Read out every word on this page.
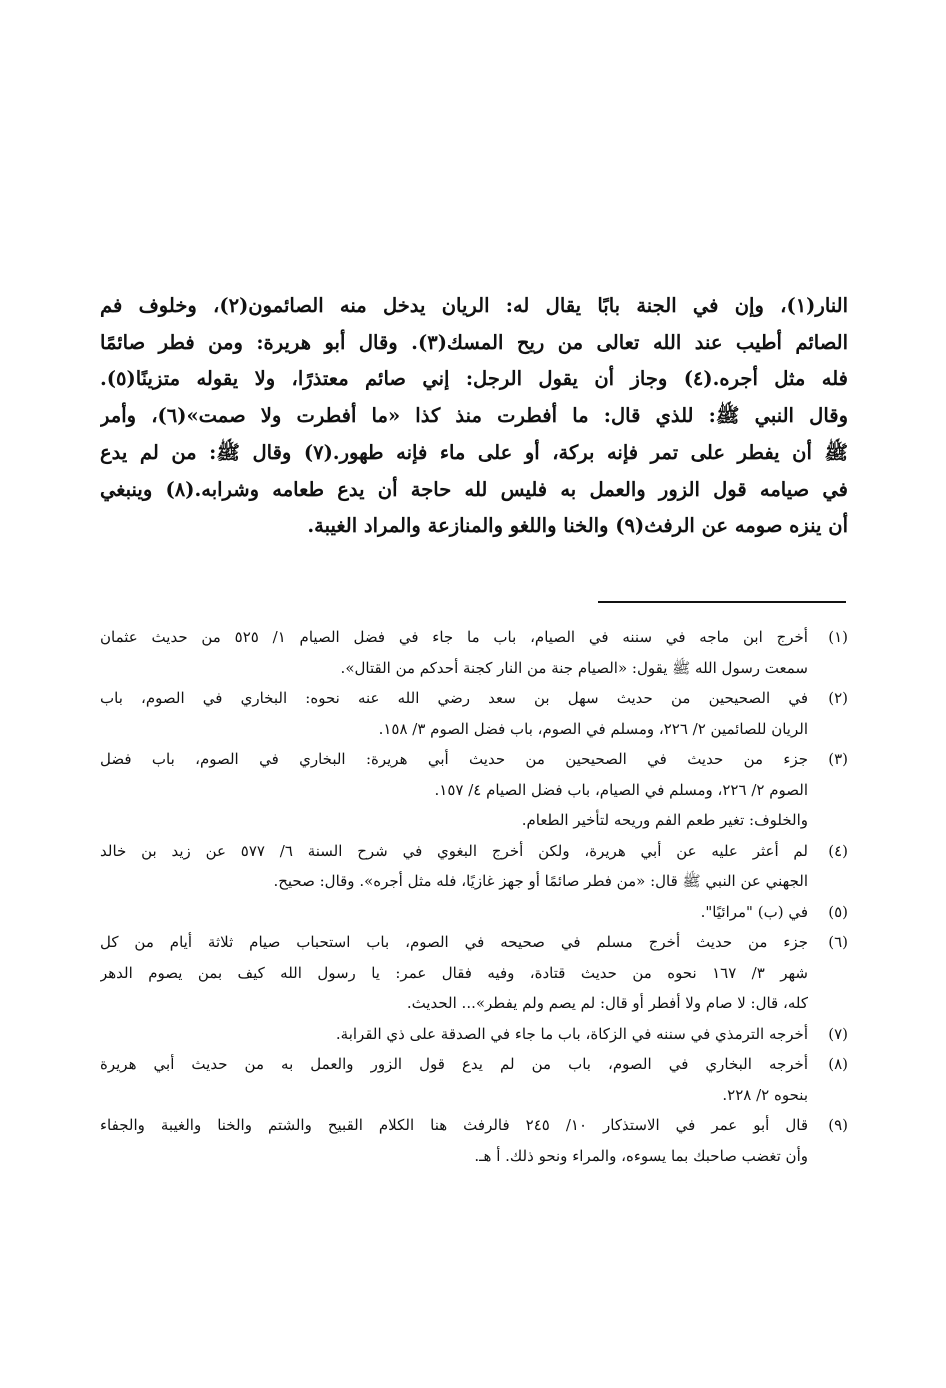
النار(١)، وإن في الجنة بابًا يقال له: الريان يدخل منه الصائمون(٢)، وخلوف فم
الصائم أطيب عند الله تعالى من ريح المسك(٣). وقال أبو هريرة: ومن فطر صائمًا
فله مثل أجره.(٤) وجاز أن يقول الرجل: إني صائم معتذرًا، ولا يقوله متزينًا(٥).
وقال النبي ﷺ: للذي قال: ما أفطرت منذ كذا «ما أفطرت ولا صمت»(٦)، وأمر
ﷺ أن يفطر على تمر فإنه بركة، أو على ماء فإنه طهور.(٧) وقال ﷺ: من لم يدع
في صيامه قول الزور والعمل به فليس لله حاجة أن يدع طعامه وشرابه.(٨) وينبغي
أن ينزه صومه عن الرفث(٩) والخنا واللغو والمنازعة والمراد الغيبة.
(١)
أخرج ابن ماجه في سننه في الصيام، باب ما جاء في فضل الصيام ١/ ٥٢٥ من حديث عثمان
سمعت رسول الله ﷺ يقول: «الصيام جنة من النار كجنة أحدكم من القتال».
(٢)
في الصحيحين من حديث سهل بن سعد رضي الله عنه نحوه: البخاري في الصوم، باب
الريان للصائمين ٢/ ٢٢٦، ومسلم في الصوم، باب فضل الصوم ٣/ ١٥٨.
(٣)
جزء من حديث في الصحيحين من حديث أبي هريرة: البخاري في الصوم، باب فضل
الصوم ٢/ ٢٢٦، ومسلم في الصيام، باب فضل الصيام ٤/ ١٥٧.
والخلوف: تغير طعم الفم وريحه لتأخير الطعام.
(٤)
لم أعثر عليه عن أبي هريرة، ولكن أخرج البغوي في شرح السنة ٦/ ٥٧٧ عن زيد بن خالد
الجهني عن النبي ﷺ قال: «من فطر صائمًا أو جهز غازيًا، فله مثل أجره». وقال: صحيح.
(٥)
في (ب) "مرائيًا".
(٦)
جزء من حديث أخرج مسلم في صحيحه في الصوم، باب استحباب صيام ثلاثة أيام من كل
شهر ٣/ ١٦٧ نحوه من حديث قتادة، وفيه فقال عمر: يا رسول الله كيف بمن يصوم الدهر
كله، قال: لا صام ولا أفطر أو قال: لم يصم ولم يفطر»... الحديث.
(٧)
أخرجه الترمذي في سننه في الزكاة، باب ما جاء في الصدقة على ذي القرابة.
(٨)
أخرجه البخاري في الصوم، باب من لم يدع قول الزور والعمل به من حديث أبي هريرة
بنحوه ٢/ ٢٢٨.
(٩)
قال أبو عمر في الاستذكار ١٠/ ٢٤٥ فالرفث هنا الكلام القبيح والشتم والخنا والغيبة والجفاء
وأن تغضب صاحبك بما يسوءه، والمراء ونحو ذلك. أ هـ.
